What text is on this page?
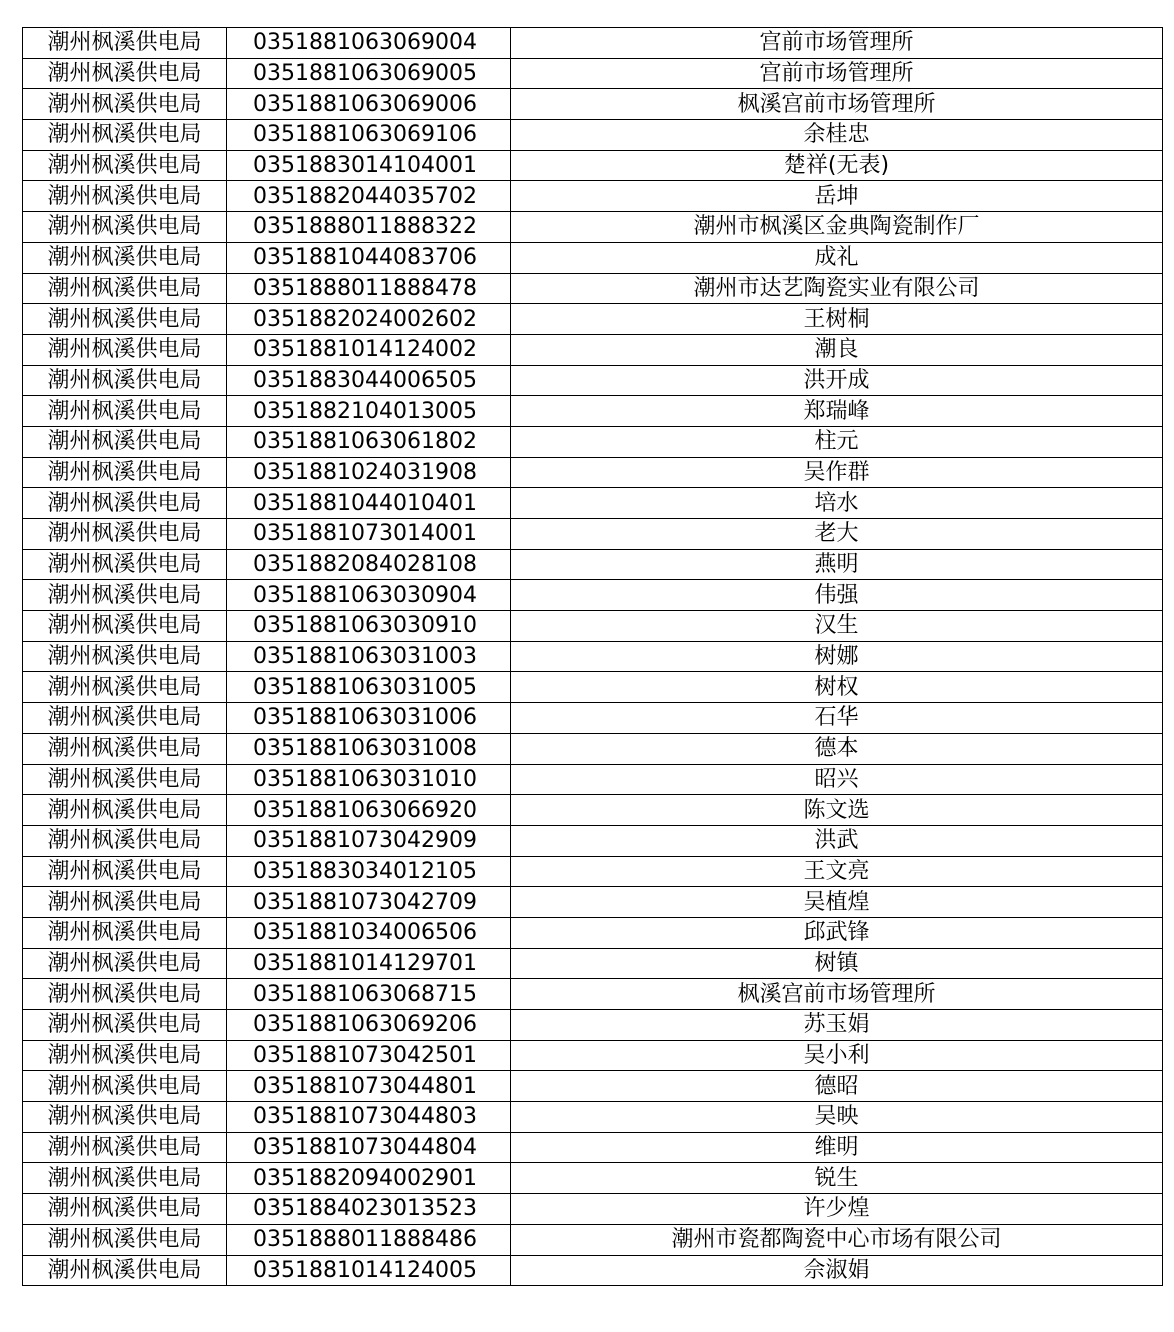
潮州枫溪供电局	0351881063069004	宫前市场管理所
潮州枫溪供电局	0351881063069005	宫前市场管理所
潮州枫溪供电局	0351881063069006	枫溪宫前市场管理所
潮州枫溪供电局	0351881063069106	余桂忠
潮州枫溪供电局	0351883014104001	楚祥(无表)
潮州枫溪供电局	0351882044035702	岳坤
潮州枫溪供电局	0351888011888322	潮州市枫溪区金典陶瓷制作厂
潮州枫溪供电局	0351881044083706	成礼
潮州枫溪供电局	0351888011888478	潮州市达艺陶瓷实业有限公司
潮州枫溪供电局	0351882024002602	王树桐
潮州枫溪供电局	0351881014124002	潮良
潮州枫溪供电局	0351883044006505	洪开成
潮州枫溪供电局	0351882104013005	郑瑞峰
潮州枫溪供电局	0351881063061802	柱元
潮州枫溪供电局	0351881024031908	吴作群
潮州枫溪供电局	0351881044010401	培水
潮州枫溪供电局	0351881073014001	老大
潮州枫溪供电局	0351882084028108	燕明
潮州枫溪供电局	0351881063030904	伟强
潮州枫溪供电局	0351881063030910	汉生
潮州枫溪供电局	0351881063031003	树娜
潮州枫溪供电局	0351881063031005	树权
潮州枫溪供电局	0351881063031006	石华
潮州枫溪供电局	0351881063031008	德本
潮州枫溪供电局	0351881063031010	昭兴
潮州枫溪供电局	0351881063066920	陈文选
潮州枫溪供电局	0351881073042909	洪武
潮州枫溪供电局	0351883034012105	王文亮
潮州枫溪供电局	0351881073042709	吴植煌
潮州枫溪供电局	0351881034006506	邱武锋
潮州枫溪供电局	0351881014129701	树镇
潮州枫溪供电局	0351881063068715	枫溪宫前市场管理所
潮州枫溪供电局	0351881063069206	苏玉娟
潮州枫溪供电局	0351881073042501	吴小利
潮州枫溪供电局	0351881073044801	德昭
潮州枫溪供电局	0351881073044803	吴映
潮州枫溪供电局	0351881073044804	维明
潮州枫溪供电局	0351882094002901	锐生
潮州枫溪供电局	0351884023013523	许少煌
潮州枫溪供电局	0351888011888486	潮州市瓷都陶瓷中心市场有限公司
潮州枫溪供电局	0351881014124005	佘淑娟
